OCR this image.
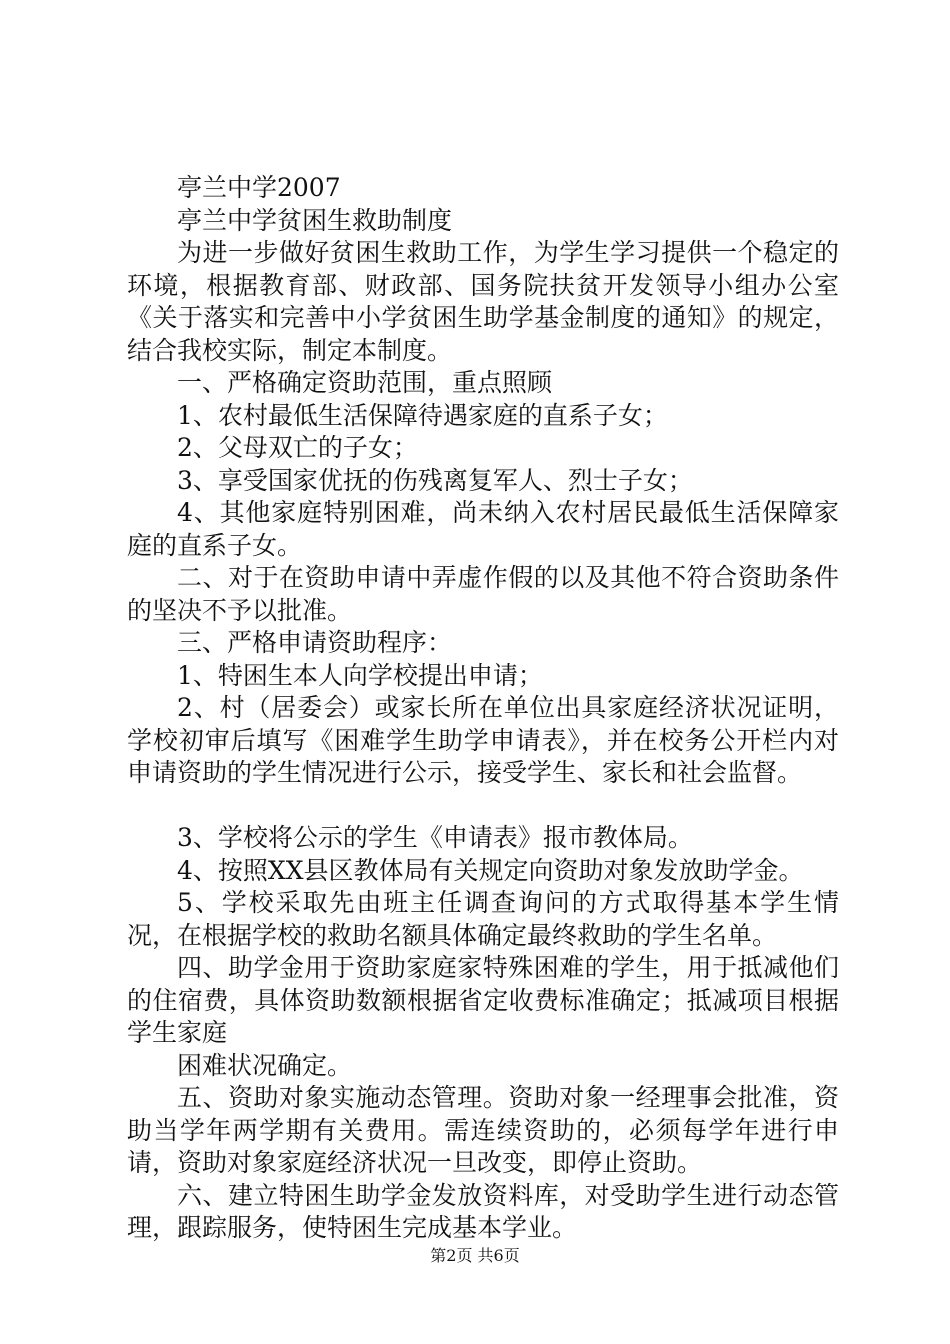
亭兰中学2007

亭兰中学贫困生救助制度

为进一步做好贫困生救助工作，为学生学习提供一个稳定的环境，根据教育部、财政部、国务院扶贫开发领导小组办公室《关于落实和完善中小学贫困生助学基金制度的通知》的规定，结合我校实际，制定本制度。

一、严格确定资助范围，重点照顾

1、农村最低生活保障待遇家庭的直系子女；

2、父母双亡的子女；

3、享受国家优抚的伤残离复军人、烈士子女；

4、其他家庭特别困难，尚未纳入农村居民最低生活保障家庭的直系子女。

二、对于在资助申请中弄虚作假的以及其他不符合资助条件的坚决不予以批准。

三、严格申请资助程序：

1、特困生本人向学校提出申请；

2、村（居委会）或家长所在单位出具家庭经济状况证明，学校初审后填写《困难学生助学申请表》，并在校务公开栏内对申请资助的学生情况进行公示，接受学生、家长和社会监督。

3、学校将公示的学生《申请表》报市教体局。

4、按照XX县区教体局有关规定向资助对象发放助学金。

5、学校采取先由班主任调查询问的方式取得基本学生情况，在根据学校的救助名额具体确定最终救助的学生名单。

四、助学金用于资助家庭家特殊困难的学生，用于抵减他们的住宿费，具体资助数额根据省定收费标准确定；抵减项目根据学生家庭

困难状况确定。

五、资助对象实施动态管理。资助对象一经理事会批准，资助当学年两学期有关费用。需连续资助的，必须每学年进行申请，资助对象家庭经济状况一旦改变，即停止资助。

六、建立特困生助学金发放资料库，对受助学生进行动态管理，跟踪服务，使特困生完成基本学业。

第2页 共6页
